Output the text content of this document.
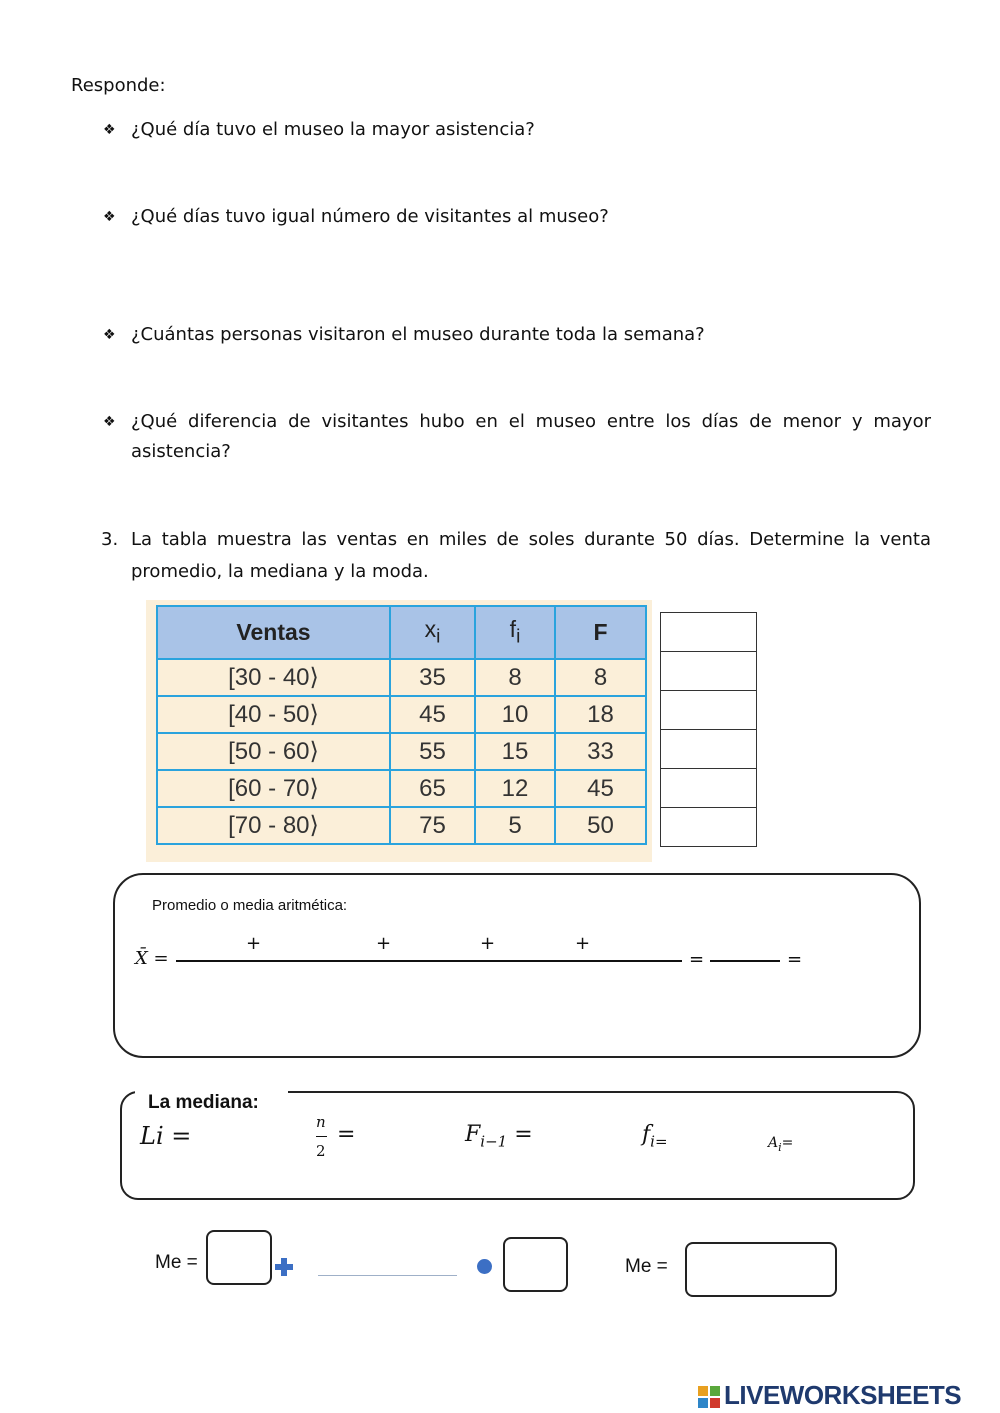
Responde:
❖ ¿Qué día tuvo el museo la mayor asistencia?
❖ ¿Qué días tuvo igual número de visitantes al museo?
❖ ¿Cuántas personas visitaron el museo durante toda la semana?
❖ ¿Qué diferencia de visitantes hubo en el museo entre los días de menor y mayor
asistencia?
3. La tabla muestra las ventas en miles de soles durante 50 días. Determine la venta
promedio, la mediana y la moda.
Ventas	$x_i$	$f_i$	F
[30 - 40⟩	35	8	8
[40 - 50⟩	45	10	18
[50 - 60⟩	55	15	33
[60 - 70⟩	65	12	45
[70 - 80⟩	75	5	50

Promedio o media aritmética:
X̄ =
+	+	+	+
=	=
La mediana:
Li =	n
2
=	$F_{i-1}$ =	$f_{i=}$	$A_i=$
Me =	Me =
LIVEWORKSHEETS
